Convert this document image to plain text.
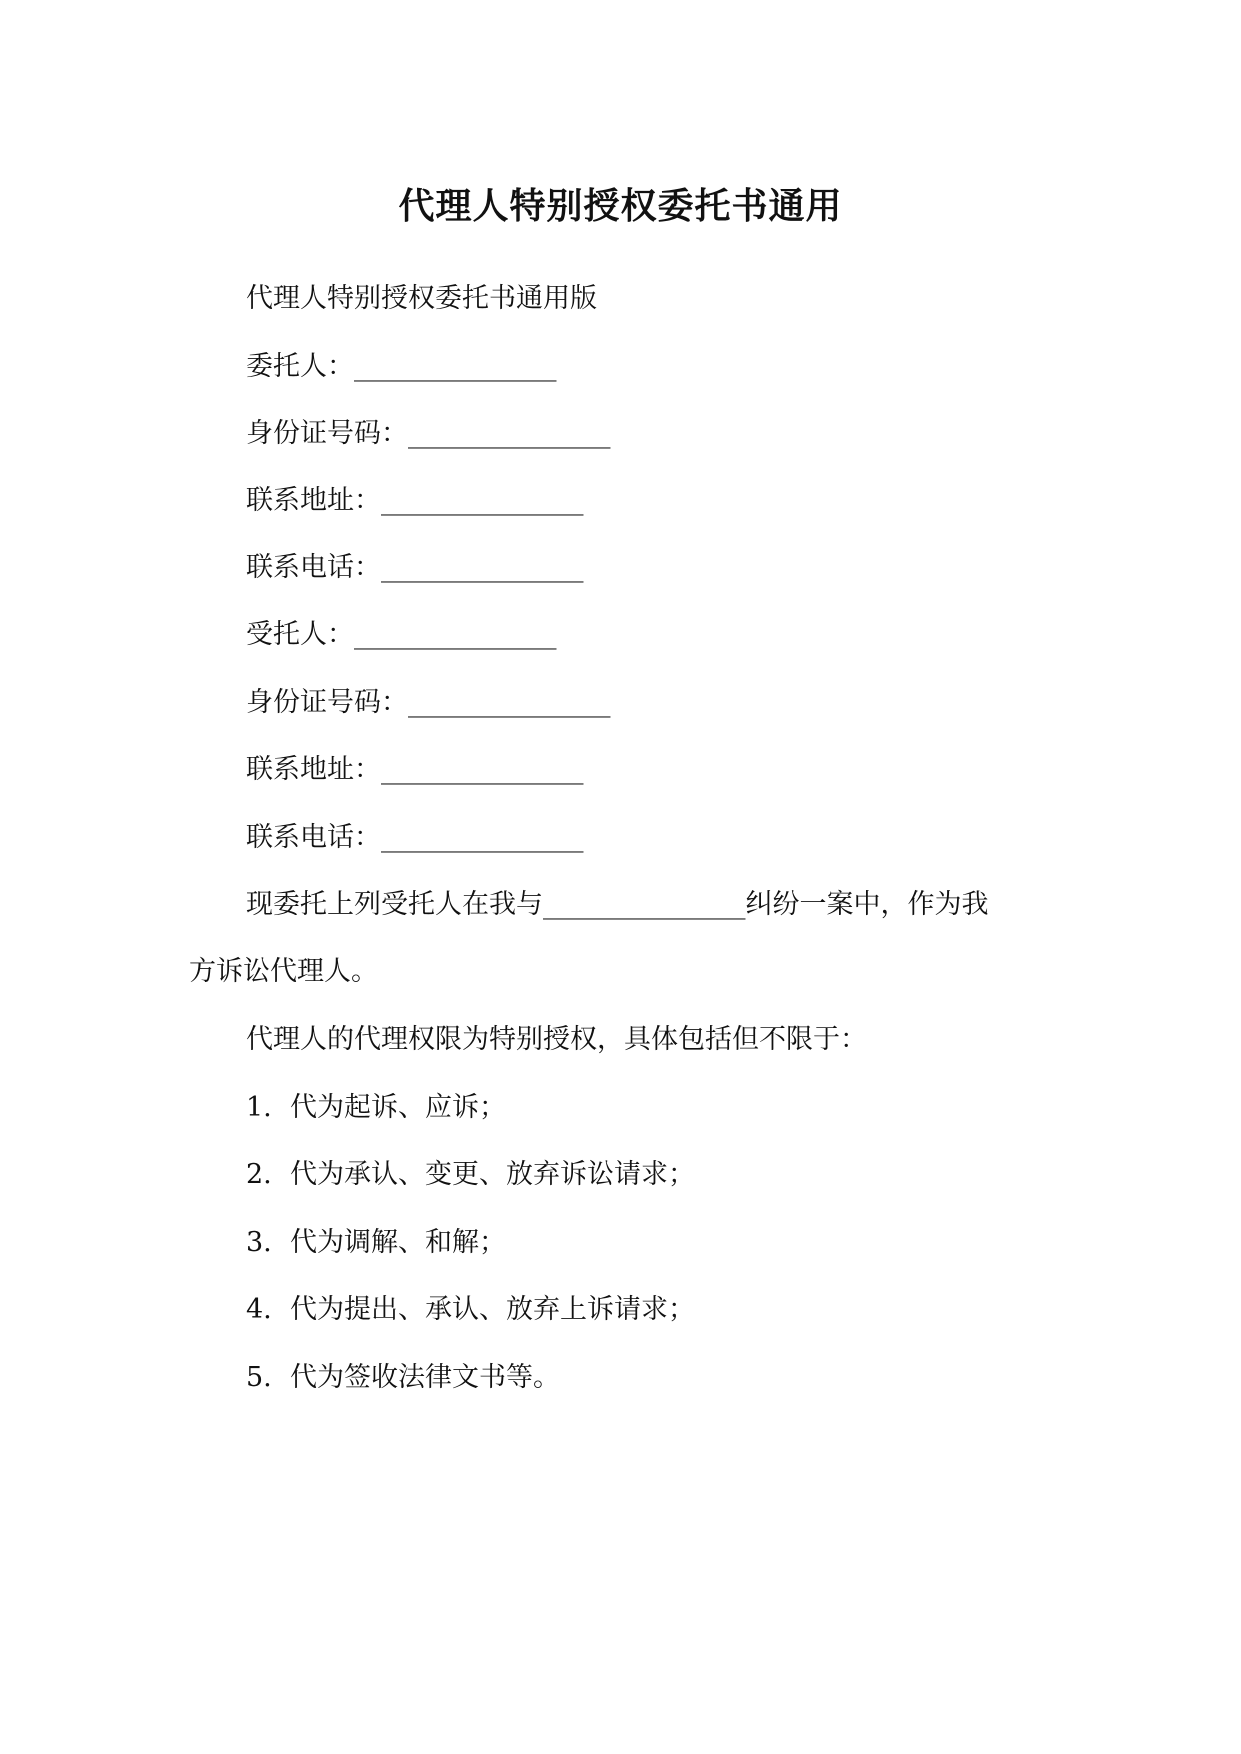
代理人特别授权委托书通用
代理人特别授权委托书通用版
委托人：_______________
身份证号码：_______________
联系地址：_______________
联系电话：_______________
受托人：_______________
身份证号码：_______________
联系地址：_______________
联系电话：_______________
现委托上列受托人在我与_______________纠纷一案中，作为我
方诉讼代理人。
代理人的代理权限为特别授权，具体包括但不限于：
1. 代为起诉、应诉；
2. 代为承认、变更、放弃诉讼请求；
3. 代为调解、和解；
4. 代为提出、承认、放弃上诉请求；
5. 代为签收法律文书等。
